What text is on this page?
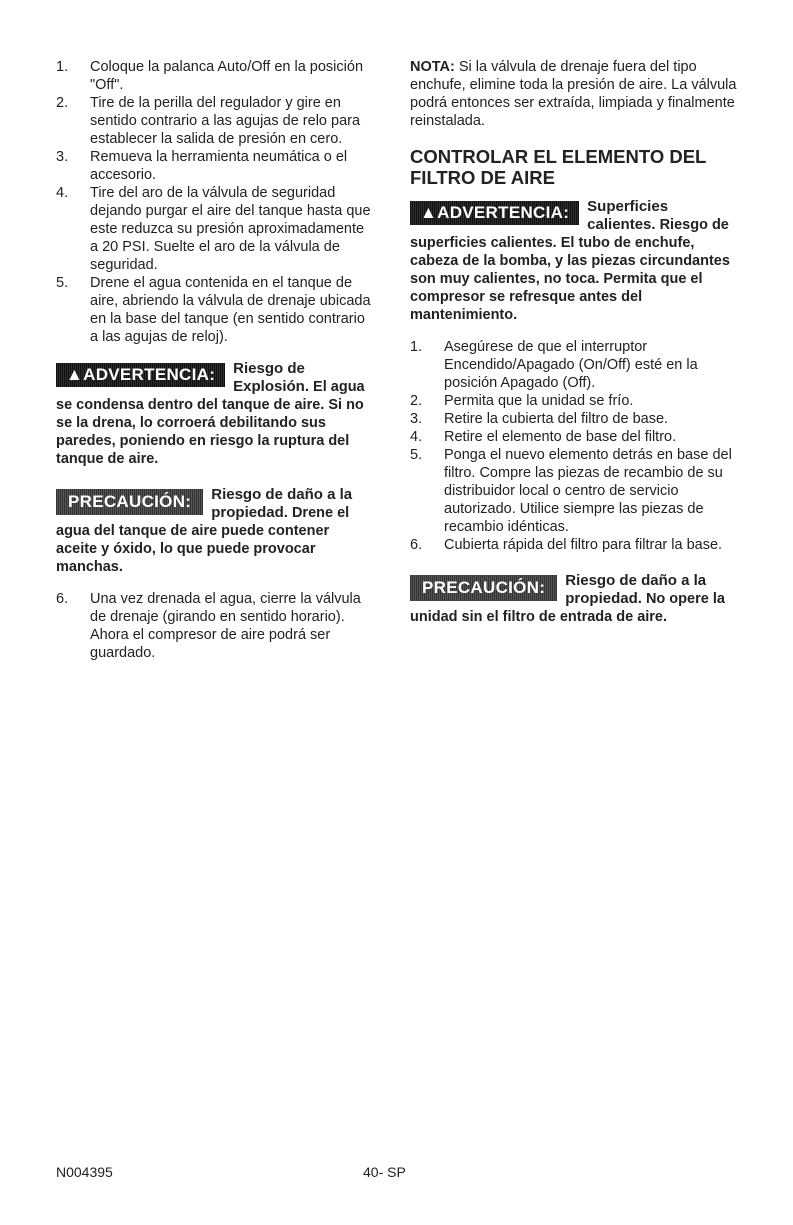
1. Coloque la palanca Auto/Off en la posición "Off".
2. Tire de la perilla del regulador y gire en sentido contrario a las agujas de relo para establecer la salida de presión en cero.
3. Remueva la herramienta neumática o el accesorio.
4. Tire del aro de la válvula de seguridad dejando purgar el aire del tanque hasta que este reduzca su presión aproximadamente a 20 PSI. Suelte el aro de la válvula de seguridad.
5. Drene el agua contenida en el tanque de aire, abriendo la válvula de drenaje ubicada en la base del tanque (en sentido contrario a las agujas de reloj).
▲ADVERTENCIA:	Riesgo de Explosión. El agua se condensa dentro del tanque de aire. Si no se la drena, lo corroerá debilitando sus paredes, poniendo en riesgo la ruptura del tanque de aire.
PRECAUCIÓN:	Riesgo de daño a la propiedad. Drene el agua del tanque de aire puede contener aceite y óxido, lo que puede provocar manchas.
6. Una vez drenada el agua, cierre la válvula de drenaje (girando en sentido horario). Ahora el compresor de aire podrá ser guardado.

NOTA: Si la válvula de drenaje fuera del tipo enchufe, elimine toda la presión de aire. La válvula podrá entonces ser extraída, limpiada y finalmente reinstalada.

CONTROLAR EL ELEMENTO DEL FILTRO DE AIRE
▲ADVERTENCIA:	Superficies calientes. Riesgo de superficies calientes. El tubo de enchufe, cabeza de la bomba, y las piezas circundantes son muy calientes, no toca. Permita que el compresor se refresque antes del mantenimiento.
1. Asegúrese de que el interruptor Encendido/Apagado (On/Off) esté en la posición Apagado (Off).
2. Permita que la unidad se frío.
3. Retire la cubierta del filtro de base.
4. Retire el elemento de base del filtro.
5. Ponga el nuevo elemento detrás en base del filtro. Compre las piezas de recambio de su distribuidor local o centro de servicio autorizado. Utilice siempre las piezas de recambio idénticas.
6. Cubierta rápida del filtro para filtrar la base.
PRECAUCIÓN:	Riesgo de daño a la propiedad. No opere la unidad sin el filtro de entrada de aire.
N004395	40- SP
